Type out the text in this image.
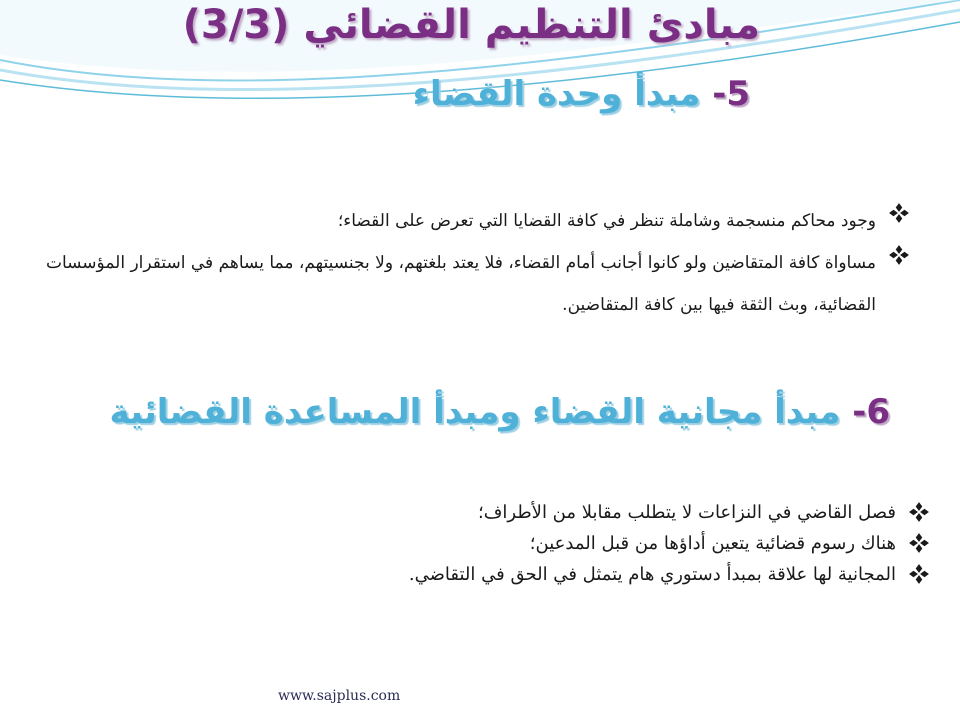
مبادئ التنظيم القضائي (3/3)
5- مبدأ وحدة القضاء
وجود محاكم منسجمة وشاملة تنظر في كافة القضايا التي تعرض على القضاء؛
مساواة كافة المتقاضين ولو كانوا أجانب أمام القضاء، فلا يعتد بلغتهم، ولا بجنسيتهم، مما يساهم في استقرار المؤسسات القضائية، وبث الثقة فيها بين كافة المتقاضين.
6- مبدأ مجانية القضاء ومبدأ المساعدة القضائية
فصل القاضي في النزاعات لا يتطلب مقابلا من الأطراف؛
هناك رسوم قضائية يتعين أداؤها من قبل المدعين؛
المجانية لها علاقة بمبدأ دستوري هام يتمثل في الحق في التقاضي.
www.sajplus.com
